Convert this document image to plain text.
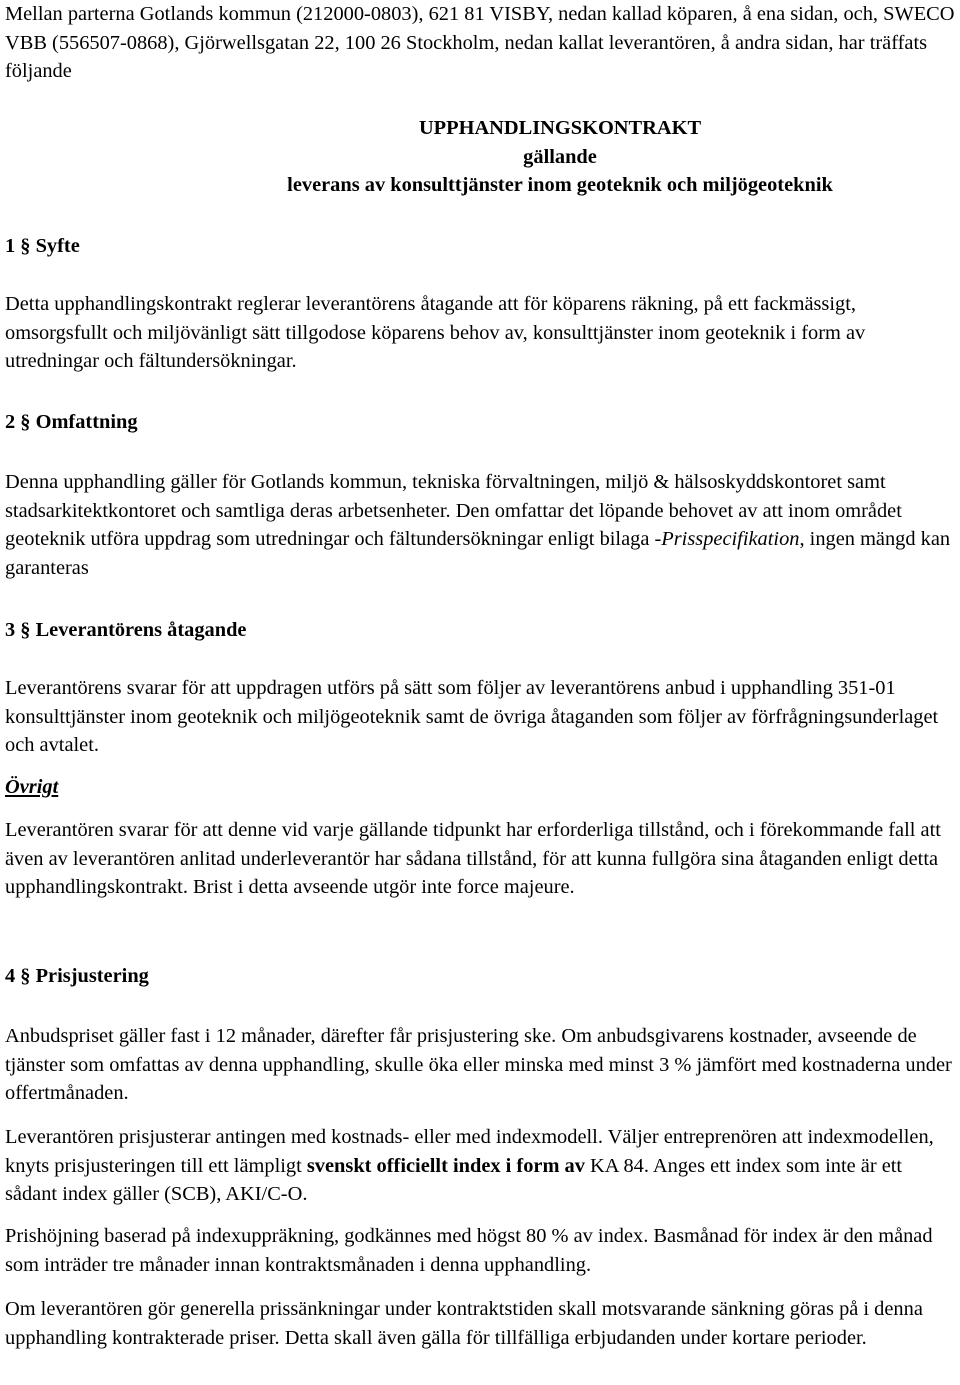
Mellan parterna Gotlands kommun (212000-0803), 621 81 VISBY, nedan kallad köparen, å ena sidan, och, SWECO VBB (556507-0868), Gjörwellsgatan 22, 100 26 Stockholm, nedan kallat leverantören, å andra sidan, har träffats följande

UPPHANDLINGSKONTRAKT
gällande
leverans av konsulttjänster inom geoteknik och miljögeoteknik

1 § Syfte

Detta upphandlingskontrakt reglerar leverantörens åtagande att för köparens räkning, på ett fackmässigt, omsorgsfullt och miljövänligt sätt tillgodose köparens behov av, konsulttjänster inom geoteknik i form av utredningar och fältundersökningar.

2 § Omfattning

Denna upphandling gäller för Gotlands kommun, tekniska förvaltningen, miljö & hälsoskyddskontoret samt stadsarkitektkontoret och samtliga deras arbetsenheter. Den omfattar det löpande behovet av att inom området geoteknik utföra uppdrag som utredningar och fältundersökningar enligt bilaga -Prisspecifikation, ingen mängd kan garanteras

3 § Leverantörens åtagande

Leverantörens svarar för att uppdragen utförs på sätt som följer av leverantörens anbud i upphandling 351-01 konsulttjänster inom geoteknik och miljögeoteknik samt de övriga åtaganden som följer av förfrågningsunderlaget och avtalet.

Övrigt

Leverantören svarar för att denne vid varje gällande tidpunkt har erforderliga tillstånd, och i förekommande fall att även av leverantören anlitad underleverantör har sådana tillstånd, för att kunna fullgöra sina åtaganden enligt detta upphandlingskontrakt. Brist i detta avseende utgör inte force majeure.

4 § Prisjustering

Anbudspriset gäller fast i 12 månader, därefter får prisjustering ske. Om anbudsgivarens kostnader, avseende de tjänster som omfattas av denna upphandling, skulle öka eller minska med minst 3 % jämfört med kostnaderna under offertmånaden.

Leverantören prisjusterar antingen med kostnads- eller med indexmodell. Väljer entreprenören att indexmodellen, knyts prisjusteringen till ett lämpligt svenskt officiellt index i form av KA 84. Anges ett index som inte är ett sådant index gäller (SCB), AKI/C-O.

Prishöjning baserad på indexuppräkning, godkännes med högst 80 % av index. Basmånad för index är den månad som inträder tre månader innan kontraktsmånaden i denna upphandling.

Om leverantören gör generella prissänkningar under kontraktstiden skall motsvarande sänkning göras på i denna upphandling kontrakterade priser. Detta skall även gälla för tillfälliga erbjudanden under kortare perioder.
